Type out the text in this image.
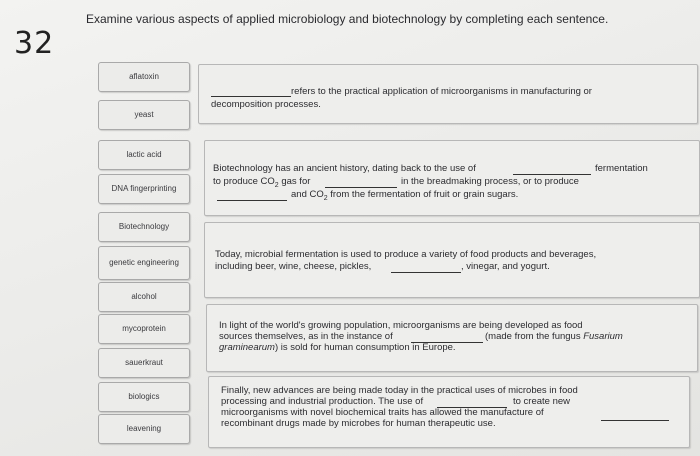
32
Examine various aspects of applied microbiology and biotechnology by completing each sentence.
aflatoxin
yeast
lactic acid
DNA fingerprinting
Biotechnology
genetic engineering
alcohol
mycoprotein
sauerkraut
biologics
leavening
refers to the practical application of microorganisms in manufacturing or
decomposition processes.
Biotechnology has an ancient history, dating back to the use of	fermentation
to produce $CO_2$ gas for	in the breadmaking process, or to produce
and $CO_2$ from the fermentation of fruit or grain sugars.
Today, microbial fermentation is used to produce a variety of food products and beverages,
including beer, wine, cheese, pickles,	, vinegar, and yogurt.
In light of the world's growing population, microorganisms are being developed as food
sources themselves, as in the instance of	(made from the fungus Fusarium
graminearum) is sold for human consumption in Europe.
Finally, new advances are being made today in the practical uses of microbes in food
processing and industrial production. The use of	to create new
microorganisms with novel biochemical traits has allowed the manufacture of
recombinant drugs made by microbes for human therapeutic use.
